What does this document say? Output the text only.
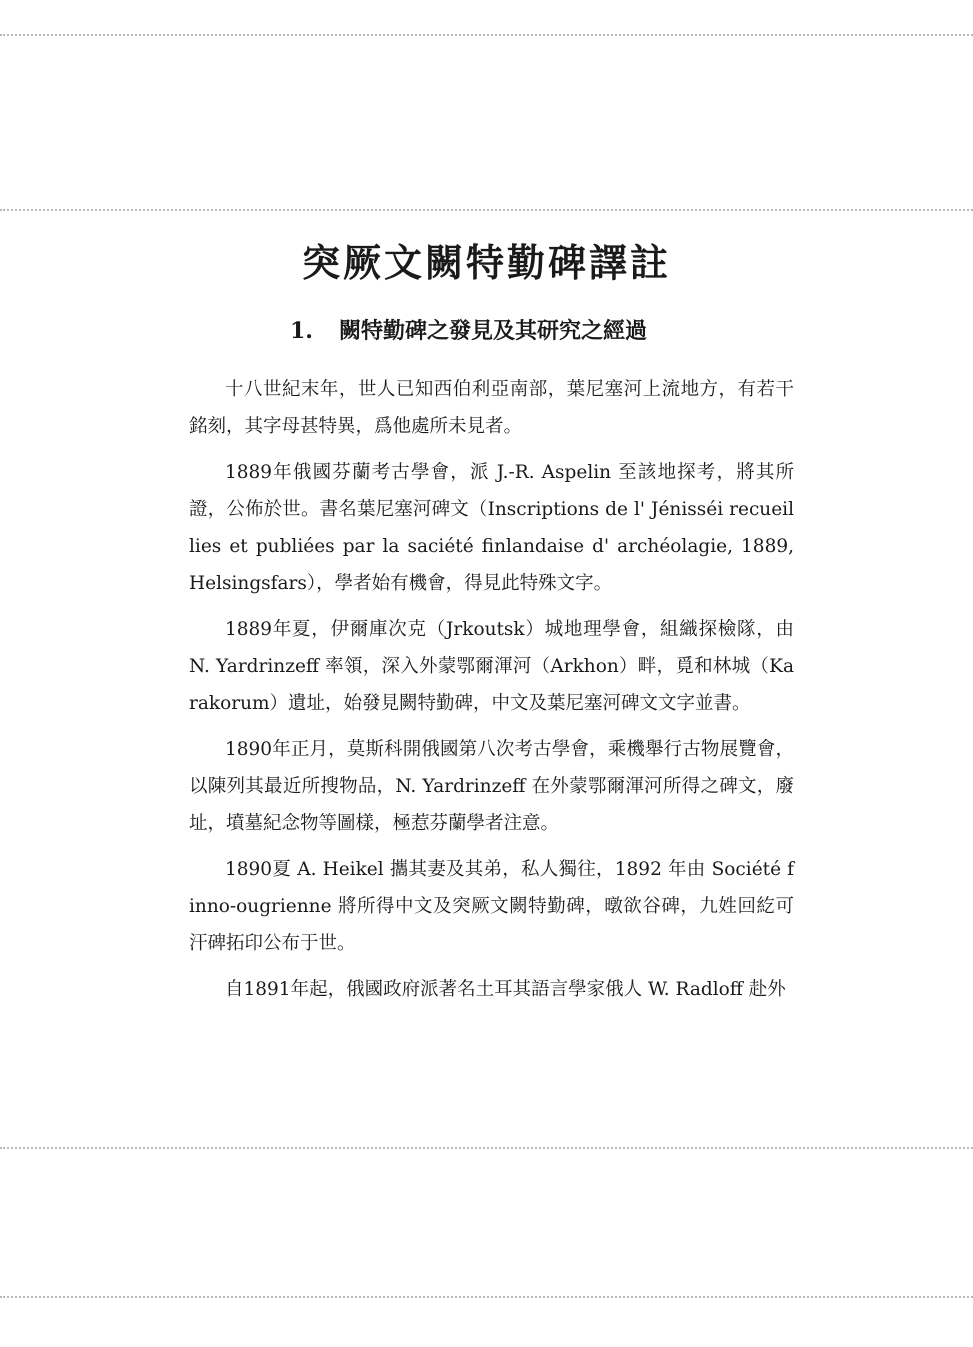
突厥文闕特勤碑譯註
1. 闕特勤碑之發見及其研究之經過

十八世紀末年，世人已知西伯利亞南部，葉尼塞河上流地方，有若干銘刻，其字母甚特異，爲他處所未見者。

1889年俄國芬蘭考古學會，派 J.-R. Aspelin 至該地探考，將其所證，公佈於世。書名葉尼塞河碑文（Inscriptions de l' Jénisséi recueillies et publiées par la saciété finlandaise d' archéolagie, 1889, Helsingsfars），學者始有機會，得見此特殊文字。

1889年夏，伊爾庫次克（Jrkoutsk）城地理學會，組織探檢隊，由 N. Yardrinzeff 率領，深入外蒙鄂爾渾河（Arkhon）畔，覓和林城（Karakorum）遺址，始發見闕特勤碑，中文及葉尼塞河碑文文字並書。

1890年正月，莫斯科開俄國第八次考古學會，乘機舉行古物展覽會，以陳列其最近所搜物品，N. Yardrinzeff 在外蒙鄂爾渾河所得之碑文，廢址，墳墓紀念物等圖樣，極惹芬蘭學者注意。

1890夏 A. Heikel 攜其妻及其弟，私人獨往，1892 年由 Société finno-ougrienne 將所得中文及突厥文闕特勤碑，暾欲谷碑，九姓回紇可汗碑拓印公布于世。

自1891年起，俄國政府派著名土耳其語言學家俄人 W. Radloff 赴外
